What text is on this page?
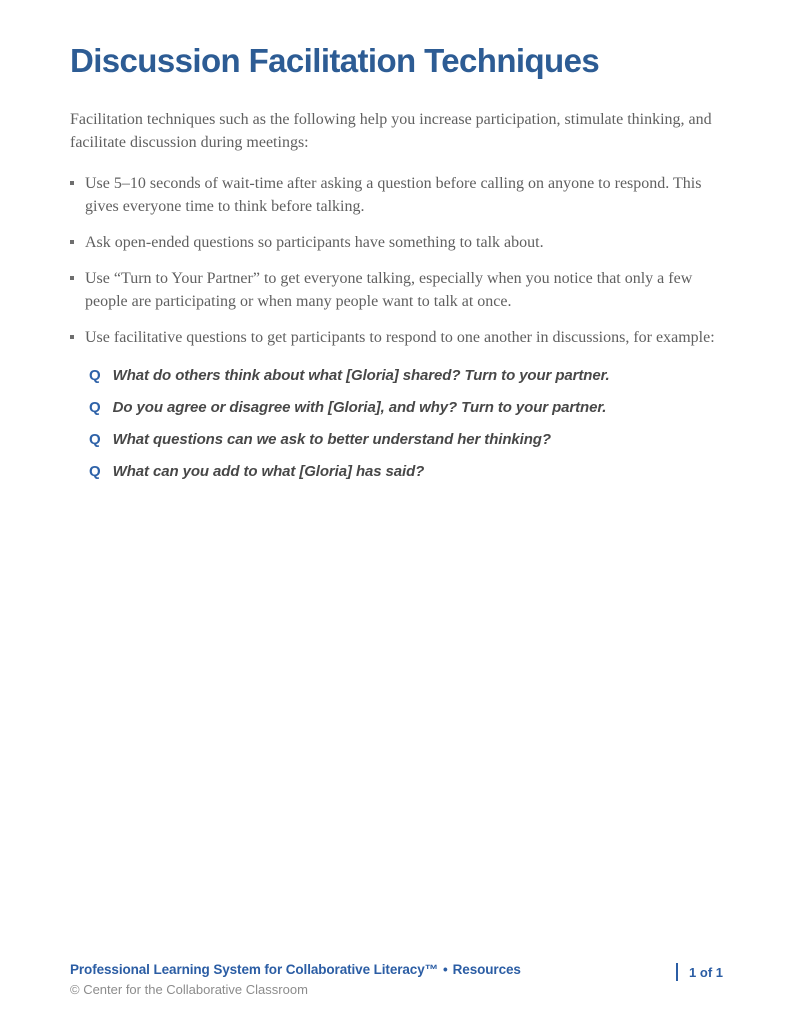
Discussion Facilitation Techniques

Facilitation techniques such as the following help you increase participation, stimulate thinking, and facilitate discussion during meetings:

Use 5–10 seconds of wait-time after asking a question before calling on anyone to respond. This gives everyone time to think before talking.
Ask open-ended questions so participants have something to talk about.
Use “Turn to Your Partner” to get everyone talking, especially when you notice that only a few people are participating or when many people want to talk at once.
Use facilitative questions to get participants to respond to one another in discussions, for example:
Q What do others think about what [Gloria] shared? Turn to your partner.
Q Do you agree or disagree with [Gloria], and why? Turn to your partner.
Q What questions can we ask to better understand her thinking?
Q What can you add to what [Gloria] has said?
Professional Learning System for Collaborative Literacy™ • Resources
© Center for the Collaborative Classroom
1 of 1
